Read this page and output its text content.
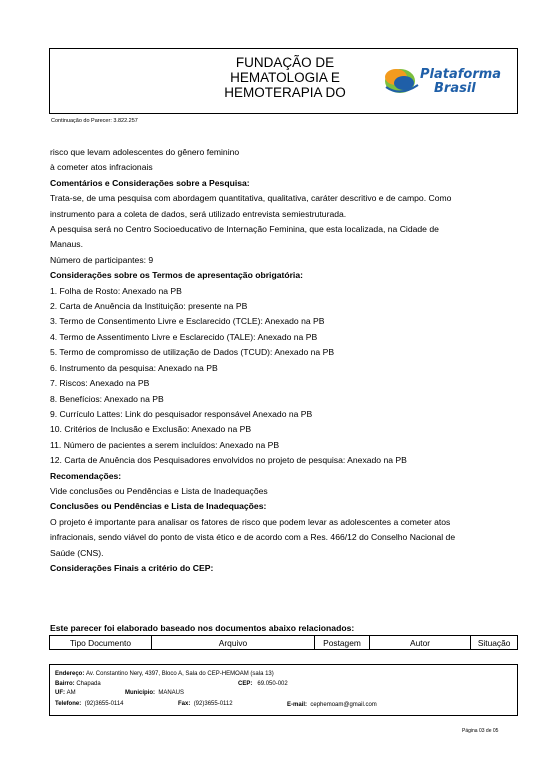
FUNDAÇÃO DE
HEMATOLOGIA E
HEMOTERAPIA DO
Plataforma
Brasil
Continuação do Parecer: 3.822.257

risco que levam adolescentes do gênero feminino

à cometer atos infracionais

Comentários e Considerações sobre a Pesquisa:

Trata-se, de uma pesquisa com abordagem quantitativa, qualitativa, caráter descritivo e de campo. Como

instrumento para a coleta de dados, será utilizado entrevista semiestruturada.

A pesquisa será no Centro Socioeducativo de Internação Feminina, que esta localizada, na Cidade de

Manaus.

Número de participantes: 9

Considerações sobre os Termos de apresentação obrigatória:

1. Folha de Rosto: Anexado na PB

2. Carta de Anuência da Instituição: presente na PB

3. Termo de Consentimento Livre e Esclarecido (TCLE): Anexado na PB

4. Termo de Assentimento Livre e Esclarecido (TALE): Anexado na PB

5. Termo de compromisso de utilização de Dados (TCUD): Anexado na PB

6. Instrumento da pesquisa: Anexado na PB

7. Riscos: Anexado na PB

8. Benefícios: Anexado na PB

9. Currículo Lattes: Link do pesquisador responsável Anexado na PB

10. Critérios de Inclusão e Exclusão: Anexado na PB

11. Número de pacientes a serem incluídos: Anexado na PB

12. Carta de Anuência dos Pesquisadores envolvidos no projeto de pesquisa: Anexado na PB

Recomendações:

Vide conclusões ou Pendências e Lista de Inadequações

Conclusões ou Pendências e Lista de Inadequações:

O projeto é importante para analisar os fatores de risco que podem levar as adolescentes a cometer atos

infracionais, sendo viável do ponto de vista ético e de acordo com a Res. 466/12 do Conselho Nacional de

Saúde (CNS).

Considerações Finais a critério do CEP:

Este parecer foi elaborado baseado nos documentos abaixo relacionados:
Tipo Documento	Arquivo	Postagem	Autor	Situação
Endereço: Av. Constantino Nery, 4397, Bloco A, Sala do CEP-HEMOAM (sala 13)
Bairro: Chapada	CEP: 69.050-002
UF: AM	Município: MANAUS
Telefone: (92)3655-0114	Fax: (92)3655-0112	E-mail: cephemoam@gmail.com
Página 03 de 05
